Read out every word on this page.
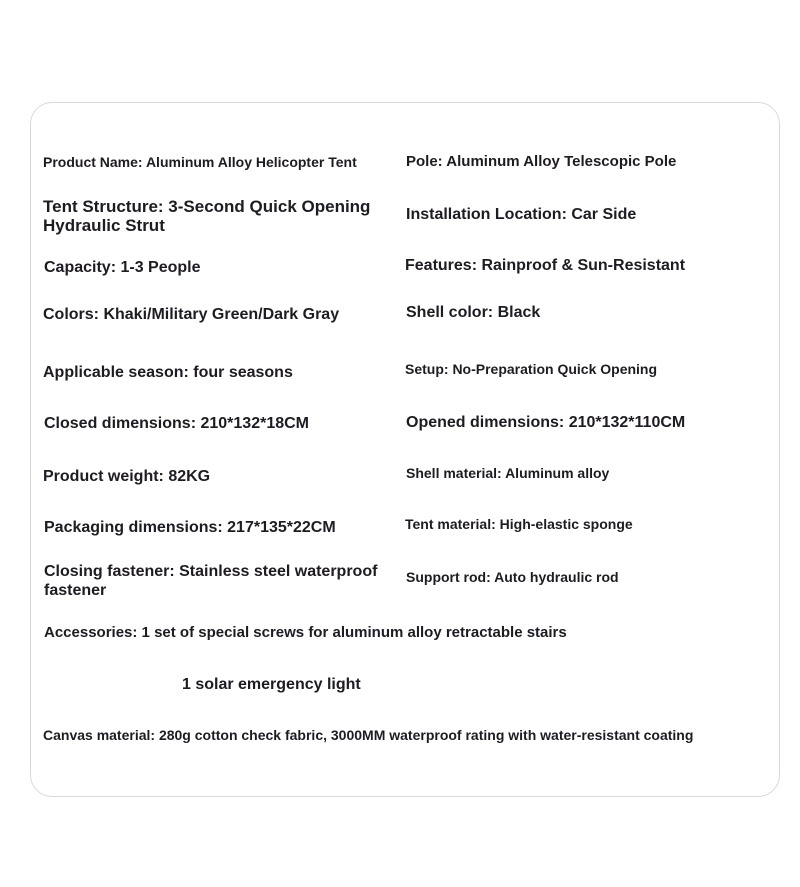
Product Name: Aluminum Alloy Helicopter Tent

Tent Structure: 3-Second Quick Opening Hydraulic Strut

Capacity: 1-3 People

Colors: Khaki/Military Green/Dark Gray

Applicable season: four seasons

Closed dimensions: 210*132*18CM

Product weight: 82KG

Packaging dimensions: 217*135*22CM

Closing fastener: Stainless steel waterproof fastener

Pole: Aluminum Alloy Telescopic Pole

Installation Location: Car Side

Features: Rainproof & Sun-Resistant

Shell color: Black

Setup: No-Preparation Quick Opening

Opened dimensions: 210*132*110CM

Shell material: Aluminum alloy

Tent material: High-elastic sponge

Support rod: Auto hydraulic rod

Accessories: 1 set of special screws for aluminum alloy retractable stairs

1 solar emergency light

Canvas material: 280g cotton check fabric, 3000MM waterproof rating with water-resistant coating
